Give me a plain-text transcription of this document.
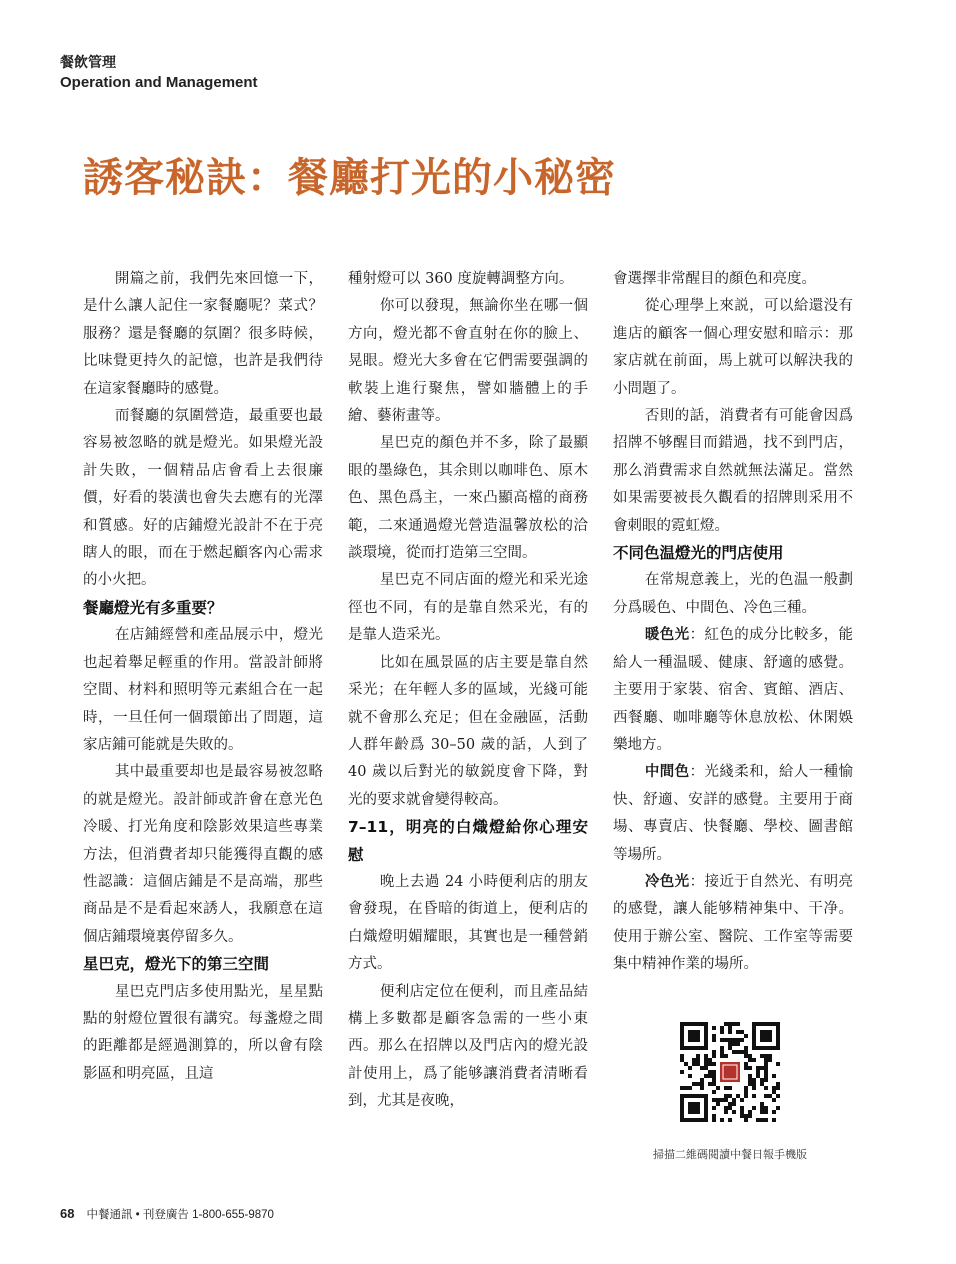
餐飲管理
Operation and Management
誘客秘訣：餐廳打光的小秘密

開篇之前，我們先來回憶一下，是什么讓人記住一家餐廳呢？菜式？服務？還是餐廳的氛圍？很多時候，比味覺更持久的記憶，也許是我們待在這家餐廳時的感覺。

而餐廳的氛圍營造，最重要也最容易被忽略的就是燈光。如果燈光設計失敗，一個精品店會看上去很廉價，好看的裝潢也會失去應有的光澤和質感。好的店鋪燈光設計不在于亮瞎人的眼，而在于燃起顧客內心需求的小火把。

餐廳燈光有多重要？

在店鋪經營和產品展示中，燈光也起着舉足輕重的作用。當設計師將空間、材料和照明等元素組合在一起時，一旦任何一個環節出了問題，這家店鋪可能就是失敗的。

其中最重要却也是最容易被忽略的就是燈光。設計師或許會在意光色冷暖、打光角度和陰影效果這些專業方法，但消費者却只能獲得直觀的感性認識：這個店鋪是不是高端，那些商品是不是看起來誘人，我願意在這個店鋪環境裏停留多久。

星巴克，燈光下的第三空間

星巴克門店多使用點光，星星點點的射燈位置很有講究。每盞燈之間的距離都是經過測算的，所以會有陰影區和明亮區，且這

種射燈可以 360 度旋轉調整方向。

你可以發現，無論你坐在哪一個方向，燈光都不會直射在你的臉上、晃眼。燈光大多會在它們需要强調的軟裝上進行聚焦，譬如牆體上的手繪、藝術畫等。

星巴克的顏色并不多，除了最顯眼的墨綠色，其余則以咖啡色、原木色、黑色爲主，一來凸顯高檔的商務範，二來通過燈光營造温馨放松的洽談環境，從而打造第三空間。

星巴克不同店面的燈光和采光途徑也不同，有的是靠自然采光，有的是靠人造采光。

比如在風景區的店主要是靠自然采光；在年輕人多的區域，光綫可能就不會那么充足；但在金融區，活動人群年齡爲 30–50 歲的話，人到了 40 歲以后對光的敏鋭度會下降，對光的要求就會變得較高。

7–11，明亮的白熾燈給你心理安慰

晚上去過 24 小時便利店的朋友會發現，在昏暗的街道上，便利店的白熾燈明媚耀眼，其實也是一種營銷方式。

便利店定位在便利，而且產品結構上多數都是顧客急需的一些小東西。那么在招牌以及門店內的燈光設計使用上，爲了能够讓消費者清晰看到，尤其是夜晚，

會選擇非常醒目的顏色和亮度。

從心理學上來説，可以給還没有進店的顧客一個心理安慰和暗示：那家店就在前面，馬上就可以解決我的小問題了。

否則的話，消費者有可能會因爲招牌不够醒目而錯過，找不到門店，那么消費需求自然就無法滿足。當然如果需要被長久觀看的招牌則采用不會刺眼的霓虹燈。

不同色温燈光的門店使用

在常規意義上，光的色温一般劃分爲暖色、中間色、冷色三種。

暖色光：紅色的成分比較多，能給人一種温暖、健康、舒適的感覺。主要用于家裝、宿舍、賓館、酒店、西餐廳、咖啡廳等休息放松、休閑娛樂地方。

中間色：光綫柔和，給人一種愉快、舒適、安詳的感覺。主要用于商場、專賣店、快餐廳、學校、圖書館等場所。

冷色光：接近于自然光、有明亮的感覺，讓人能够精神集中、干净。使用于辦公室、醫院、工作室等需要集中精神作業的場所。

掃描二維碼閱讀中餐日報手機版
68 中餐通訊 • 刊登廣告 1-800-655-9870
